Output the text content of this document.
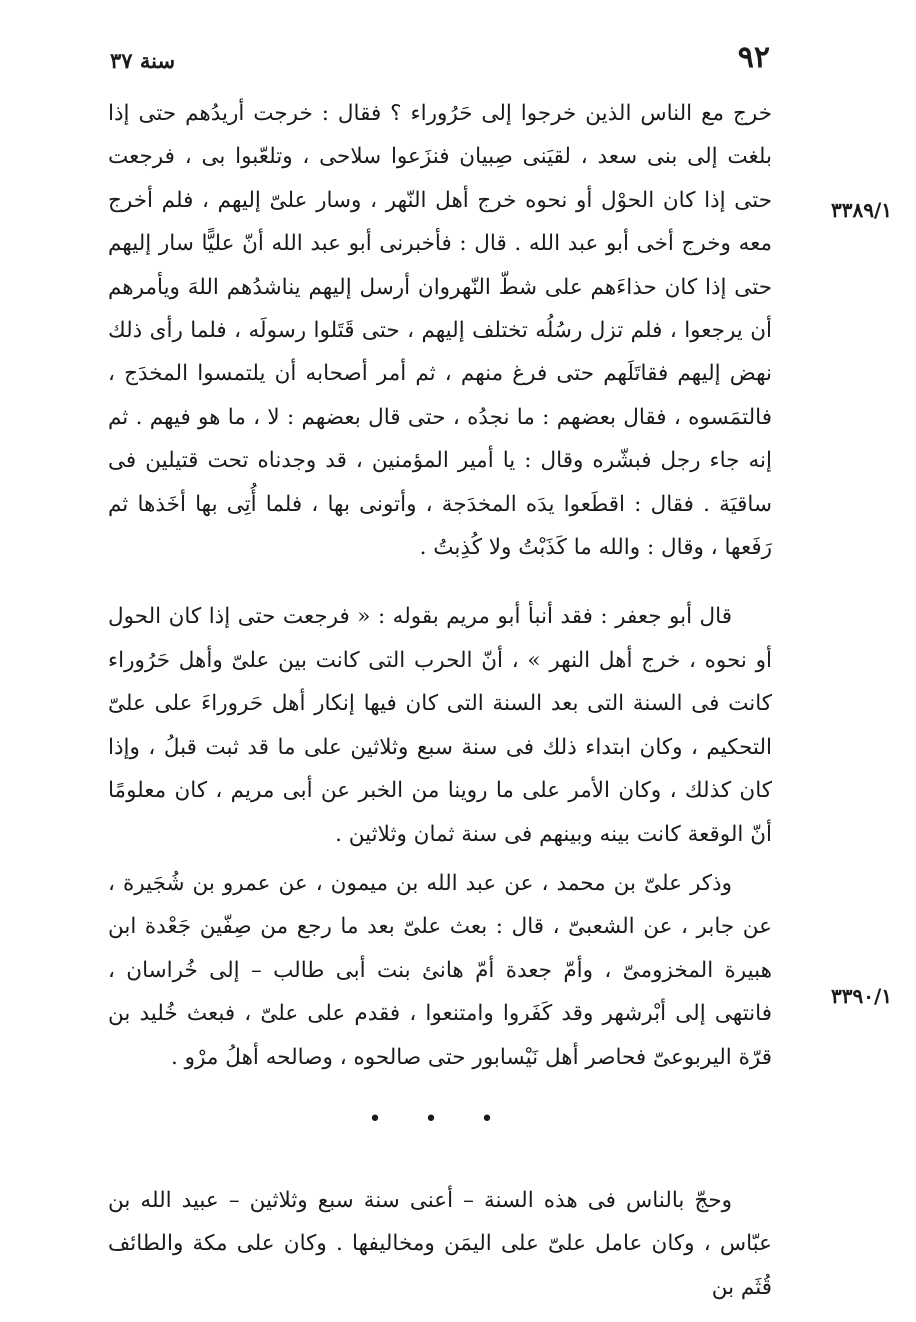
٩٢
سنة ٣٧
٣٣٨٩/١
٣٣٩٠/١

خرج مع الناس الذين خرجوا إلى حَرُوراء ؟ فقال : خرجت أريدُهم حتى إذا بلغت إلى بنى سعد ، لقيَنى صِبيان فنزَعوا سلاحى ، وتلعّبوا بى ، فرجعت حتى إذا كان الحوْل أو نحوه خرج أهل النّهر ، وسار علىّ إليهم ، فلم أخرج معه وخرج أخى أبو عبد الله . قال : فأخبرنى أبو عبد الله أنّ عليًّا سار إليهم حتى إذا كان حذاءَهم على شطّ النّهروان أرسل إليهم يناشدُهم اللهَ ويأمرهم أن يرجعوا ، فلم تزل رسُلُه تختلف إليهم ، حتى قَتَلوا رسولَه ، فلما رأى ذلك نهض إليهم فقاتَلَهم حتى فرغ منهم ، ثم أمر أصحابه أن يلتمسوا المخدَج ، فالتمَسوه ، فقال بعضهم : ما نجدُه ، حتى قال بعضهم : لا ، ما هو فيهم . ثم إنه جاء رجل فبشّره وقال : يا أمير المؤمنين ، قد وجدناه تحت قتيلين فى ساقيَة . فقال : اقطَعوا يدَه المخدَجة ، وأتونى بها ، فلما أُتِى بها أخَذها ثم رَفَعها ، وقال : والله ما كَذَبْتُ ولا كُذِبتُ .

قال أبو جعفر : فقد أنبأ أبو مريم بقوله : « فرجعت حتى إذا كان الحول أو نحوه ، خرج أهل النهر » ، أنّ الحرب التى كانت بين علىّ وأهل حَرُوراء كانت فى السنة التى بعد السنة التى كان فيها إنكار أهل حَروراءَ على علىّ التحكيم ، وكان ابتداء ذلك فى سنة سبع وثلاثين على ما قد ثبت قبلُ ، وإذا كان كذلك ، وكان الأمر على ما روينا من الخبر عن أبى مريم ، كان معلومًا أنّ الوقعة كانت بينه وبينهم فى سنة ثمان وثلاثين .

وذكر علىّ بن محمد ، عن عبد الله بن ميمون ، عن عمرو بن شُجَيرة ، عن جابر ، عن الشعبىّ ، قال : بعث علىّ بعد ما رجع من صِفّين جَعْدة ابن هبيرة المخزومىّ ، وأمّ جعدة أمّ هانئ بنت أبى طالب – إلى خُراسان ، فانتهى إلى أبْرشهر وقد كَفَروا وامتنعوا ، فقدم على علىّ ، فبعث خُليد بن قرّة اليربوعىّ فحاصر أهل نَيْسابور حتى صالحوه ، وصالحه أهلُ مرْو .

• • •

وحجّ بالناس فى هذه السنة – أعنى سنة سبع وثلاثين – عبيد الله بن عبّاس ، وكان عامل علىّ على اليمَن ومخاليفها . وكان على مكة والطائف قُثَم بن
